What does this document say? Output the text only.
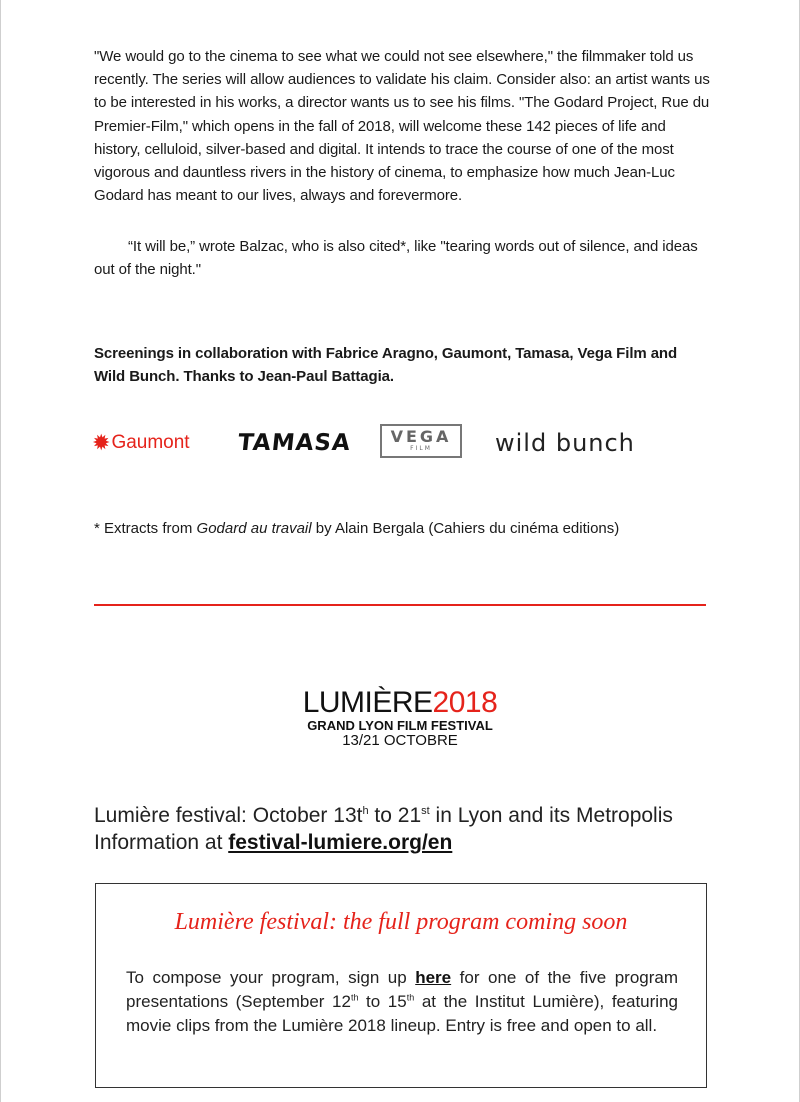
"We would go to the cinema to see what we could not see elsewhere," the filmmaker told us recently. The series will allow audiences to validate his claim. Consider also: an artist wants us to be interested in his works, a director wants us to see his films. "The Godard Project, Rue du Premier-Film," which opens in the fall of 2018, will welcome these 142 pieces of life and history, celluloid, silver-based and digital. It intends to trace the course of one of the most vigorous and dauntless rivers in the history of cinema, to emphasize how much Jean-Luc Godard has meant to our lives, always and forevermore.

“It will be,” wrote Balzac, who is also cited*, like "tearing words out of silence, and ideas out of the night."

Screenings in collaboration with Fabrice Aragno, Gaumont, Tamasa, Vega Film and Wild Bunch. Thanks to Jean-Paul Battagia.

✹ Gaumont TAMASA VEGA
FILM	wild bunch
* Extracts from Godard au travail by Alain Bergala (Cahiers du cinéma editions)
LUMIÈRE2018
GRAND LYON FILM FESTIVAL
13/21 OCTOBRE
Lumière festival: October $13t^h$ to 21st in Lyon and its Metropolis
Information at festival-lumiere.org/en
Lumière festival: the full program coming soon

To compose your program, sign up here for one of the five program presentations (September 12th to 15th at the Institut Lumière), featuring movie clips from the Lumière 2018 lineup. Entry is free and open to all.
